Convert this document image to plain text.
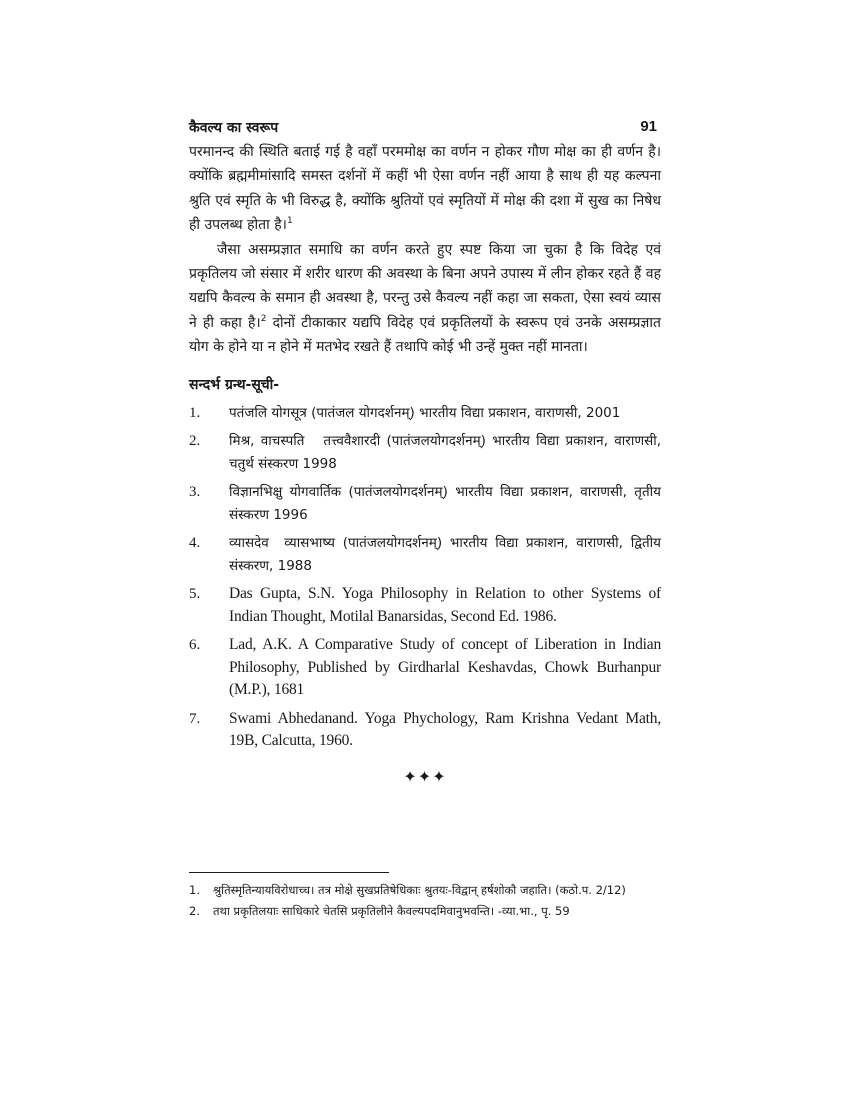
कैवल्य का स्वरूप	91

परमानन्द की स्थिति बताई गई है वहाँ परममोक्ष का वर्णन न होकर गौण मोक्ष का ही वर्णन है। क्योंकि ब्रह्ममीमांसादि समस्त दर्शनों में कहीं भी ऐसा वर्णन नहीं आया है साथ ही यह कल्पना श्रुति एवं स्मृति के भी विरुद्ध है, क्योंकि श्रुतियों एवं स्मृतियों में मोक्ष की दशा में सुख का निषेध ही उपलब्ध होता है।$^1$

जैसा असम्प्रज्ञात समाधि का वर्णन करते हुए स्पष्ट किया जा चुका है कि विदेह एवं प्रकृतिलय जो संसार में शरीर धारण की अवस्था के बिना अपने उपास्य में लीन होकर रहते हैं वह यद्यपि कैवल्य के समान ही अवस्था है, परन्तु उसे कैवल्य नहीं कहा जा सकता, ऐसा स्वयं व्यास ने ही कहा है।$^2$ दोनों टीकाकार यद्यपि विदेह एवं प्रकृतिलयों के स्वरूप एवं उनके असम्प्रज्ञात योग के होने या न होने में मतभेद रखते हैं तथापि कोई भी उन्हें मुक्त नहीं मानता।

सन्दर्भ ग्रन्थ-सूची-
1.	पतंजलि योगसूत्र (पातंजल योगदर्शनम्) भारतीय विद्या प्रकाशन, वाराणसी, 2001
2.	मिश्र, वाचस्पति   तत्त्ववैशारदी (पातंजलयोगदर्शनम्) भारतीय विद्या प्रकाशन, वाराणसी, चतुर्थ संस्करण 1998
3.	विज्ञानभिक्षु योगवार्तिक (पातंजलयोगदर्शनम्) भारतीय विद्या प्रकाशन, वाराणसी, तृतीय संस्करण 1996
4.	व्यासदेव  व्यासभाष्य (पातंजलयोगदर्शनम्) भारतीय विद्या प्रकाशन, वाराणसी, द्वितीय संस्करण, 1988
5.	Das Gupta, S.N. Yoga Philosophy in Relation to other Systems of Indian Thought, Motilal Banarsidas, Second Ed. 1986.
6.	Lad, A.K. A Comparative Study of concept of Liberation in Indian Philosophy, Published by Girdharlal Keshavdas, Chowk Burhanpur (M.P.), 1681
7.	Swami Abhedanand. Yoga Phychology, Ram Krishna Vedant Math, 19B, Calcutta, 1960.
✦✦✦
1.	श्रुतिस्मृतिन्यायविरोधाच्च। तत्र मोक्षे सुखप्रतिषेधिकाः श्रुतयः-विद्वान् हर्षशोकौ जहाति। (कठो.प. 2/12)
2.	तथा प्रकृतिलयाः साधिकारे चेतसि प्रकृतिलीने कैवल्यपदमिवानुभवन्ति। -व्या.भा., पृ. 59
